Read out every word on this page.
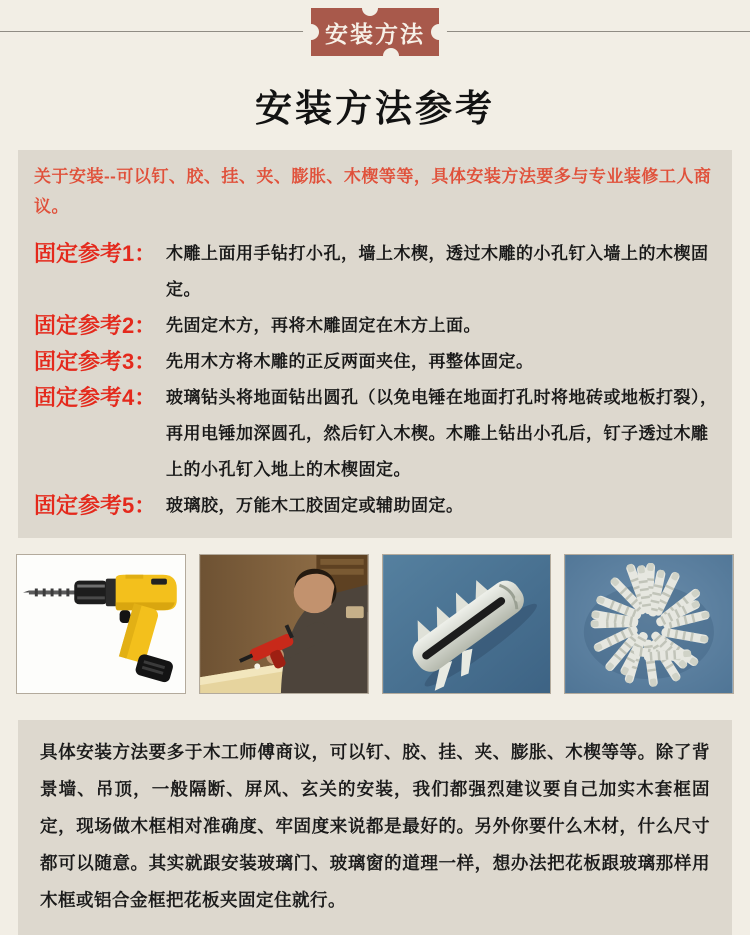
安装方法
安装方法参考
关于安装--可以钉、胶、挂、夹、膨胀、木楔等等，具体安装方法要多与专业装修工人商议。
固定参考1： 木雕上面用手钻打小孔，墙上木楔，透过木雕的小孔钉入墙上的木楔固定。
固定参考2： 先固定木方，再将木雕固定在木方上面。
固定参考3： 先用木方将木雕的正反两面夹住，再整体固定。
固定参考4： 玻璃钻头将地面钻出圆孔（以免电锤在地面打孔时将地砖或地板打裂），再用电锤加深圆孔，然后钉入木楔。木雕上钻出小孔后，钉子透过木雕上的小孔钉入地上的木楔固定。
固定参考5： 玻璃胶，万能木工胶固定或辅助固定。

具体安装方法要多于木工师傅商议，可以钉、胶、挂、夹、膨胀、木楔等等。除了背景墙、吊顶，一般隔断、屏风、玄关的安装，我们都强烈建议要自己加实木套框固定，现场做木框相对准确度、牢固度来说都是最好的。另外你要什么木材，什么尺寸都可以随意。其实就跟安装玻璃门、玻璃窗的道理一样，想办法把花板跟玻璃那样用木框或铝合金框把花板夹固定住就行。
